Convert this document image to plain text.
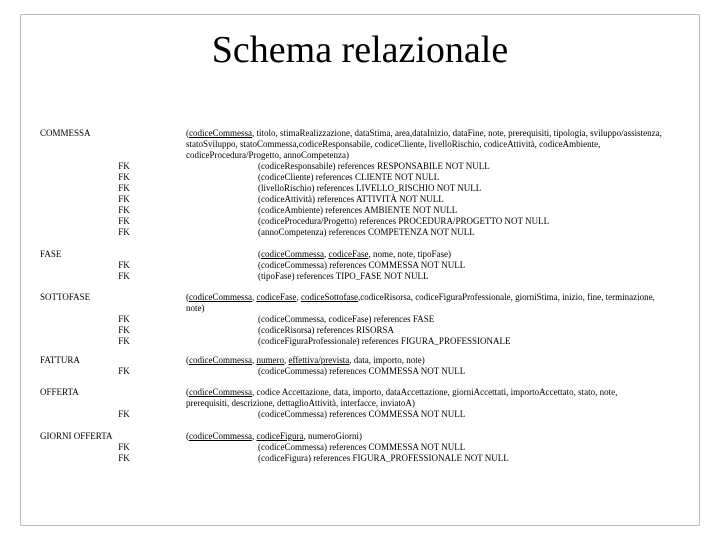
Schema relazionale
COMMESSA	(codiceCommessa, titolo, stimaRealizzazione, dataStima, area,dataInizio, dataFine, note, prerequisiti, tipologia, sviluppo/assistenza,
statoSviluppo, statoCommessa,codiceResponsabile, codiceCliente, livelloRischio, codiceAttività, codiceAmbiente,
codiceProcedura/Progetto, annoCompetenza)
FK	(codiceResponsabile) references RESPONSABILE NOT NULL
FK	(codiceCliente) references CLIENTE NOT NULL
FK	(livelloRischio) references LIVELLO_RISCHIO NOT NULL
FK	(codiceAttività) references ATTIVITÀ NOT NULL
FK	(codiceAmbiente) references AMBIENTE NOT NULL
FK	(codiceProcedura/Progetto) references PROCEDURA/PROGETTO NOT NULL
FK	(annoCompetenza) references COMPETENZA NOT NULL
FASE	(codiceCommessa, codiceFase, nome, note, tipoFase)
FK	(codiceCommessa) references COMMESSA NOT NULL
FK	(tipoFase) references TIPO_FASE NOT NULL
SOTTOFASE	(codiceCommessa, codiceFase, codiceSottofase,codiceRisorsa, codiceFiguraProfessionale, giorniStima, inizio, fine, terminazione,
note)
FK	(codiceCommessa, codiceFase) references FASE
FK	(codiceRisorsa) references RISORSA
FK	(codiceFiguraProfessionale) references FIGURA_PROFESSIONALE
FATTURA	(codiceCommessa, numero, effettiva/prevista, data, importo, note)
FK	(codiceCommessa) references COMMESSA NOT NULL
OFFERTA	(codiceCommessa, codice Accettazione, data, importo, dataAccettazione, giorniAccettati, importoAccettato, stato, note,
prerequisiti, descrizione, dettaglioAttività, interfacce, inviatoA)
FK	(codiceCommessa) references COMMESSA NOT NULL
GIORNI OFFERTA	(codiceCommessa, codiceFigura, numeroGiorni)
FK	(codiceCommessa) references COMMESSA NOT NULL
FK	(codiceFigura) references FIGURA_PROFESSIONALE NOT NULL
